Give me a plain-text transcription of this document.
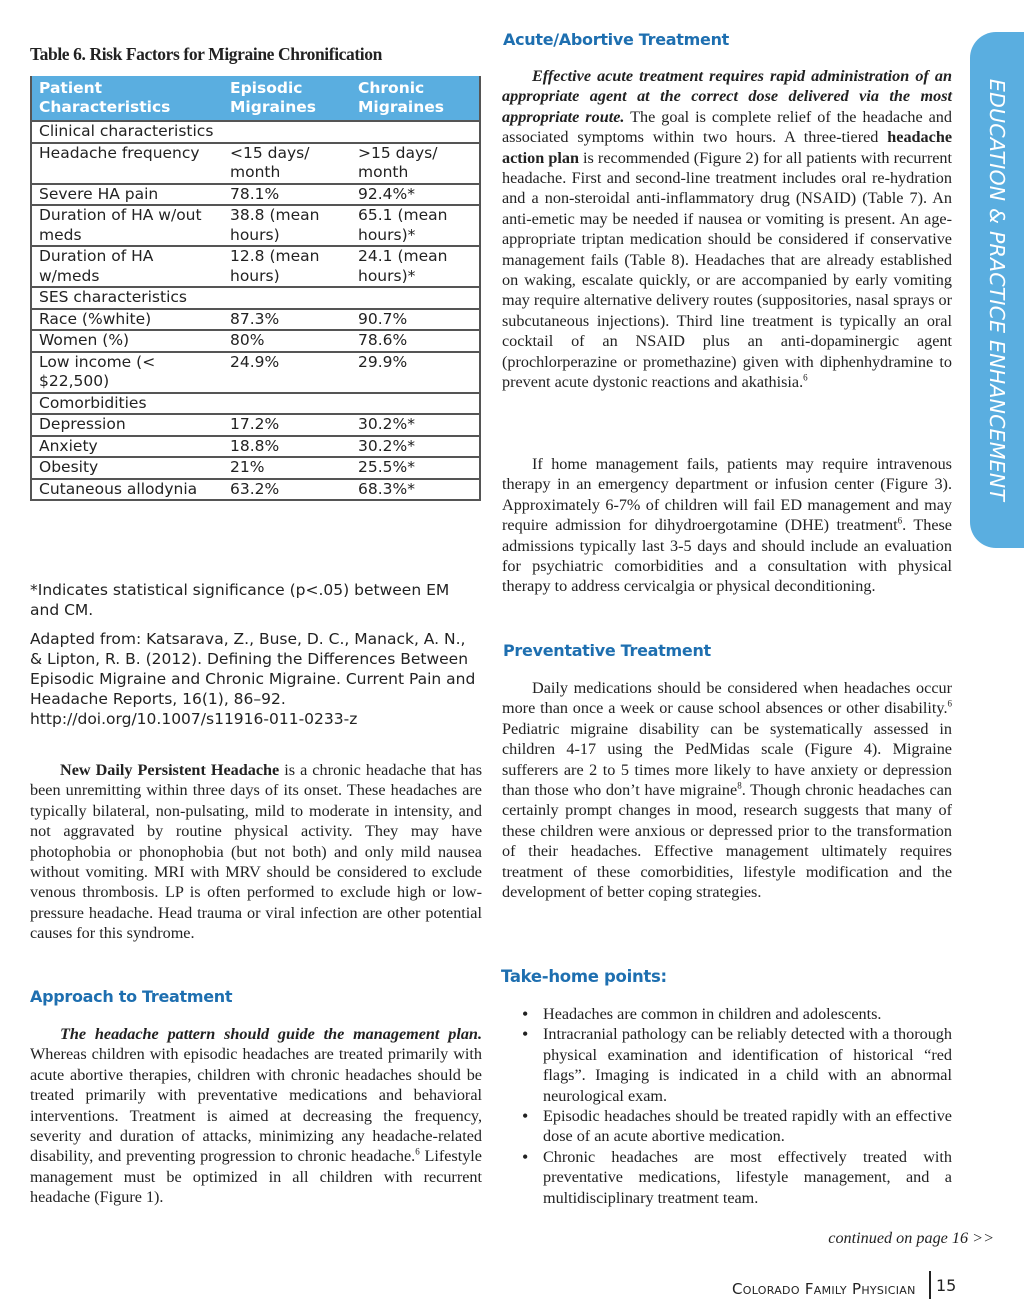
Table 6. Risk Factors for Migraine Chronification
Patient Characteristics	Episodic Migraines	Chronic Migraines
Clinical characteristics		
Headache frequency	<15 days/ month	>15 days/ month
Severe HA pain	78.1%	92.4%*
Duration of HA w/out meds	38.8 (mean hours)	65.1 (mean hours)*
Duration of HA w/meds	12.8 (mean hours)	24.1 (mean hours)*
SES characteristics		
Race (%white)	87.3%	90.7%
Women (%)	80%	78.6%
Low income (< $22,500)	24.9%	29.9%
Comorbidities		
Depression	17.2%	30.2%*
Anxiety	18.8%	30.2%*
Obesity	21%	25.5%*
Cutaneous allodynia	63.2%	68.3%*
*Indicates statistical significance (p<.05) between EM and CM.
Adapted from: Katsarava, Z., Buse, D. C., Manack, A. N., & Lipton, R. B. (2012). Defining the Differences Between Episodic Migraine and Chronic Migraine. Current Pain and Headache Reports, 16(1), 86–92. http://doi.org/10.1007/s11916-011-0233-z

New Daily Persistent Headache is a chronic headache that has been unremitting within three days of its onset. These headaches are typically bilateral, non-pulsating, mild to moderate in intensity, and not aggravated by routine physical activity. They may have photophobia or phonophobia (but not both) and only mild nausea without vomiting. MRI with MRV should be considered to exclude venous thrombosis. LP is often performed to exclude high or low-pressure headache. Head trauma or viral infection are other potential causes for this syndrome.

Approach to Treatment

The headache pattern should guide the management plan. Whereas children with episodic headaches are treated primarily with acute abortive therapies, children with chronic headaches should be treated primarily with preventative medications and behavioral interventions. Treatment is aimed at decreasing the frequency, severity and duration of attacks, minimizing any headache-related disability, and preventing progression to chronic headache.$^6$ Lifestyle management must be optimized in all children with recurrent headache (Figure 1).

Acute/Abortive Treatment

Effective acute treatment requires rapid administration of an appropriate agent at the correct dose delivered via the most appropriate route. The goal is complete relief of the headache and associated symptoms within two hours. A three-tiered headache action plan is recommended (Figure 2) for all patients with recurrent headache. First and second-line treatment includes oral re-hydration and a non-steroidal anti-inflammatory drug (NSAID) (Table 7). An anti-emetic may be needed if nausea or vomiting is present. An age-appropriate triptan medication should be considered if conservative management fails (Table 8). Headaches that are already established on waking, escalate quickly, or are accompanied by early vomiting may require alternative delivery routes (suppositories, nasal sprays or subcutaneous injections). Third line treatment is typically an oral cocktail of an NSAID plus an anti-dopaminergic agent (prochlorperazine or promethazine) given with diphenhydramine to prevent acute dystonic reactions and akathisia.$^6$

If home management fails, patients may require intravenous therapy in an emergency department or infusion center (Figure 3). Approximately 6-7% of children will fail ED management and may require admission for dihydroergotamine (DHE) treatment$^6$. These admissions typically last 3-5 days and should include an evaluation for psychiatric comorbidities and a consultation with physical therapy to address cervicalgia or physical deconditioning.

Preventative Treatment

Daily medications should be considered when headaches occur more than once a week or cause school absences or other disability.$^6$ Pediatric migraine disability can be systematically assessed in children 4-17 using the PedMidas scale (Figure 4). Migraine sufferers are 2 to 5 times more likely to have anxiety or depression than those who don’t have migraine$^8$. Though chronic headaches can certainly prompt changes in mood, research suggests that many of these children were anxious or depressed prior to the transformation of their headaches. Effective management ultimately requires treatment of these comorbidities, lifestyle modification and the development of better coping strategies.

Take-home points:
• Headaches are common in children and adolescents.
• Intracranial pathology can be reliably detected with a thorough physical examination and identification of historical “red flags”. Imaging is indicated in a child with an abnormal neurological exam.
• Episodic headaches should be treated rapidly with an effective dose of an acute abortive medication.
• Chronic headaches are most effectively treated with preventative medications, lifestyle management, and a multidisciplinary treatment team.
continued on page 16 >>
EDUCATION & PRACTICE ENHANCEMENT
Colorado Family Physician 15
